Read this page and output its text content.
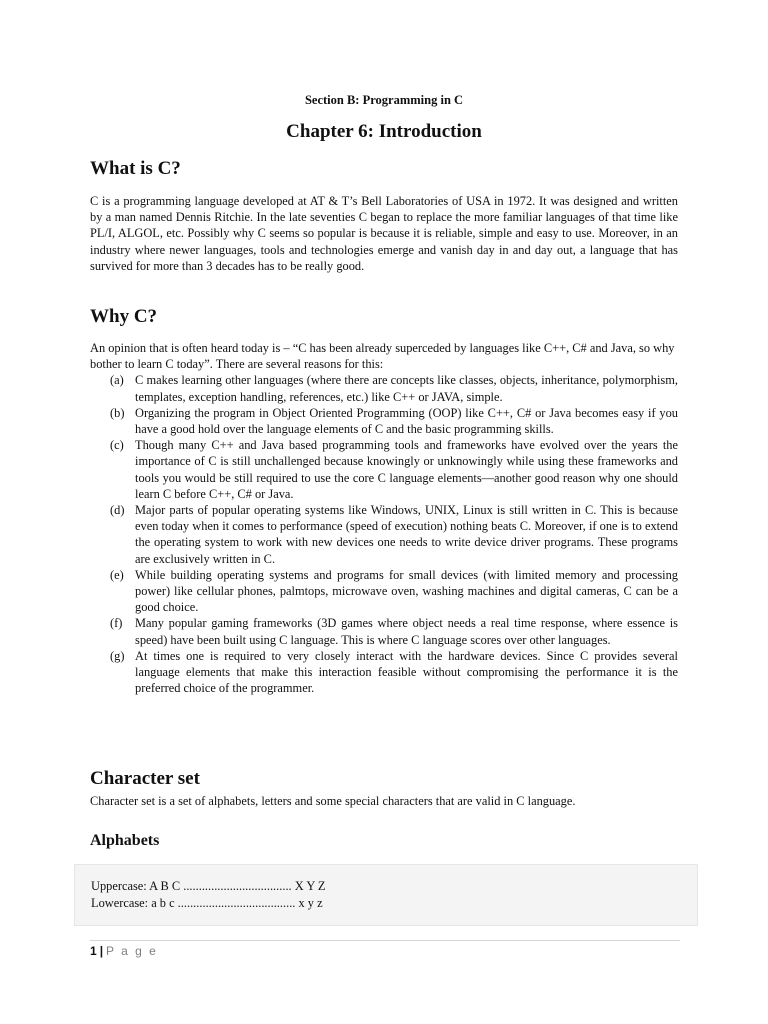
Section B: Programming in C
Chapter 6: Introduction
What is C?

C is a programming language developed at AT & T’s Bell Laboratories of USA in 1972. It was designed and written by a man named Dennis Ritchie. In the late seventies C began to replace the more familiar languages of that time like PL/I, ALGOL, etc. Possibly why C seems so popular is because it is reliable, simple and easy to use. Moreover, in an industry where newer languages, tools and technologies emerge and vanish day in and day out, a language that has survived for more than 3 decades has to be really good.

Why C?

An opinion that is often heard today is – “C has been already superceded by languages like C++, C# and Java, so why bother to learn C today”. There are several reasons for this:

(a) C makes learning other languages (where there are concepts like classes, objects, inheritance, polymorphism, templates, exception handling, references, etc.) like C++ or JAVA, simple.
(b) Organizing the program in Object Oriented Programming (OOP) like C++, C# or Java becomes easy if you have a good hold over the language elements of C and the basic programming skills.
(c) Though many C++ and Java based programming tools and frameworks have evolved over the years the importance of C is still unchallenged because knowingly or unknowingly while using these frameworks and tools you would be still required to use the core C language elements—another good reason why one should learn C before C++, C# or Java.
(d) Major parts of popular operating systems like Windows, UNIX, Linux is still written in C. This is because even today when it comes to performance (speed of execution) nothing beats C. Moreover, if one is to extend the operating system to work with new devices one needs to write device driver programs. These programs are exclusively written in C.
(e) While building operating systems and programs for small devices (with limited memory and processing power) like cellular phones, palmtops, microwave oven, washing machines and digital cameras, C can be a good choice.
(f)	Many popular gaming frameworks (3D games where object needs a real time response, where essence is speed) have been built using C language. This is where C language scores over other languages.
(g) At times one is required to very closely interact with the hardware devices. Since C provides several language elements that make this interaction feasible without compromising the performance it is the preferred choice of the programmer.
Character set

Character set is a set of alphabets, letters and some special characters that are valid in C language.

Alphabets
Uppercase: A B C ................................... X Y Z
Lowercase: a b c ...................................... x y z
1 | P a g e
